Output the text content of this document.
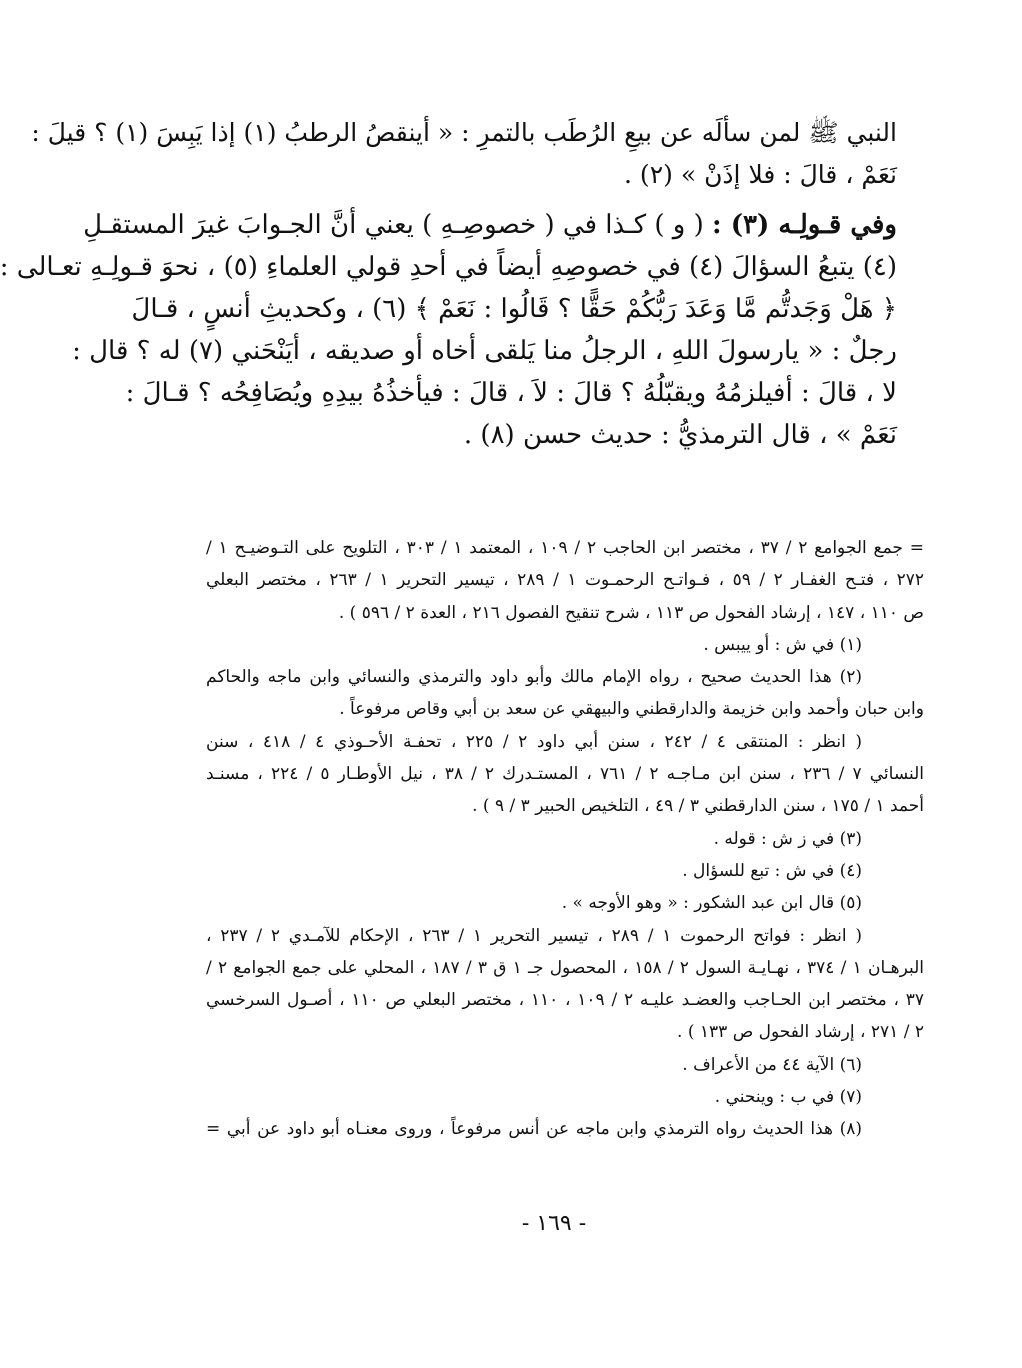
النبي ﷺ لمن سألَه عن بيعِ الرُطَب بالتمرِ : « أينقصُ الرطبُ (١) إذا يَبِسَ (١) ؟ قيلَ :
نَعَمْ ، قالَ : فلا إذَنْ » (٢) .
وفي قـولِـه (٣) : ( و ) كـذا في ( خصوصِـهِ ) يعني أنَّ الجـوابَ غيرَ المستقـلِ
(٤) يتبعُ السؤالَ (٤) في خصوصِهِ أيضاً في أحدِ قولي العلماءِ (٥) ، نحوَ قـولِـهِ تعـالى :
﴿ هَلْ وَجَدتُّم مَّا وَعَدَ رَبُّكُمْ حَقًّا ؟ قَالُوا : نَعَمْ ﴾ (٦) ، وكحديثِ أنسٍ ، قـالَ
رجلٌ : « يارسولَ اللهِ ، الرجلُ منا يَلقى أخاه أو صديقه ، أيَنْحَني (٧) له ؟ قال :
لا ، قالَ : أفيلزمُهُ ويقبّلُهُ ؟ قالَ : لاَ ، قالَ : فيأخذُهُ بيدِهِ ويُصَافِحُه ؟ قـالَ :
نَعَمْ » ، قال الترمذيُّ : حديث حسن (٨) .
= جمع الجوامع ٢ / ٣٧ ، مختصر ابن الحاجب ٢ / ١٠٩ ، المعتمد ١ / ٣٠٣ ، التلويح على التـوضيـح ١ /
٢٧٢ ، فتـح الغفـار ٢ / ٥٩ ، فـواتـح الرحمـوت ١ / ٢٨٩ ، تيسير التحرير ١ / ٢٦٣ ، مختصر البعلي
ص ١١٠ ، ١٤٧ ، إرشاد الفحول ص ١١٣ ، شرح تنقيح الفصول ٢١٦ ، العدة ٢ / ٥٩٦ ) .
(١) في ش : أو ييبس .
(٢) هذا الحديث صحيح ، رواه الإمام مالك وأبو داود والترمذي والنسائي وابن ماجه والحاكم
وابن حبان وأحمد وابن خزيمة والدارقطني والبيهقي عن سعد بن أبي وقاص مرفوعاً .
( انظر : المنتقى ٤ / ٢٤٢ ، سنن أبي داود ٢ / ٢٢٥ ، تحفـة الأحـوذي ٤ / ٤١٨ ، سنن
النسائي ٧ / ٢٣٦ ، سنن ابن مـاجـه ٢ / ٧٦١ ، المستـدرك ٢ / ٣٨ ، نيل الأوطـار ٥ / ٢٢٤ ، مسنـد
أحمد ١ / ١٧٥ ، سنن الدارقطني ٣ / ٤٩ ، التلخيص الحبير ٣ / ٩ ) .
(٣) في ز ش : قوله .
(٤) في ش : تبع للسؤال .
(٥) قال ابن عبد الشكور : « وهو الأوجه » .
( انظر : فواتح الرحموت ١ / ٢٨٩ ، تيسير التحرير ١ / ٢٦٣ ، الإحكام للآمـدي ٢ / ٢٣٧ ،
البرهـان ١ / ٣٧٤ ، نهـايـة السول ٢ / ١٥٨ ، المحصول جـ ١ ق ٣ / ١٨٧ ، المحلي على جمع الجوامع ٢ /
٣٧ ، مختصر ابن الحـاجب والعضـد عليـه ٢ / ١٠٩ ، ١١٠ ، مختصر البعلي ص ١١٠ ، أصـول السرخسي
٢ / ٢٧١ ، إرشاد الفحول ص ١٣٣ ) .
(٦) الآية ٤٤ من الأعراف .
(٧) في ب : وينحني .
(٨) هذا الحديث رواه الترمذي وابن ماجه عن أنس مرفوعاً ، وروى معنـاه أبو داود عن أبي =
- ١٦٩ -
